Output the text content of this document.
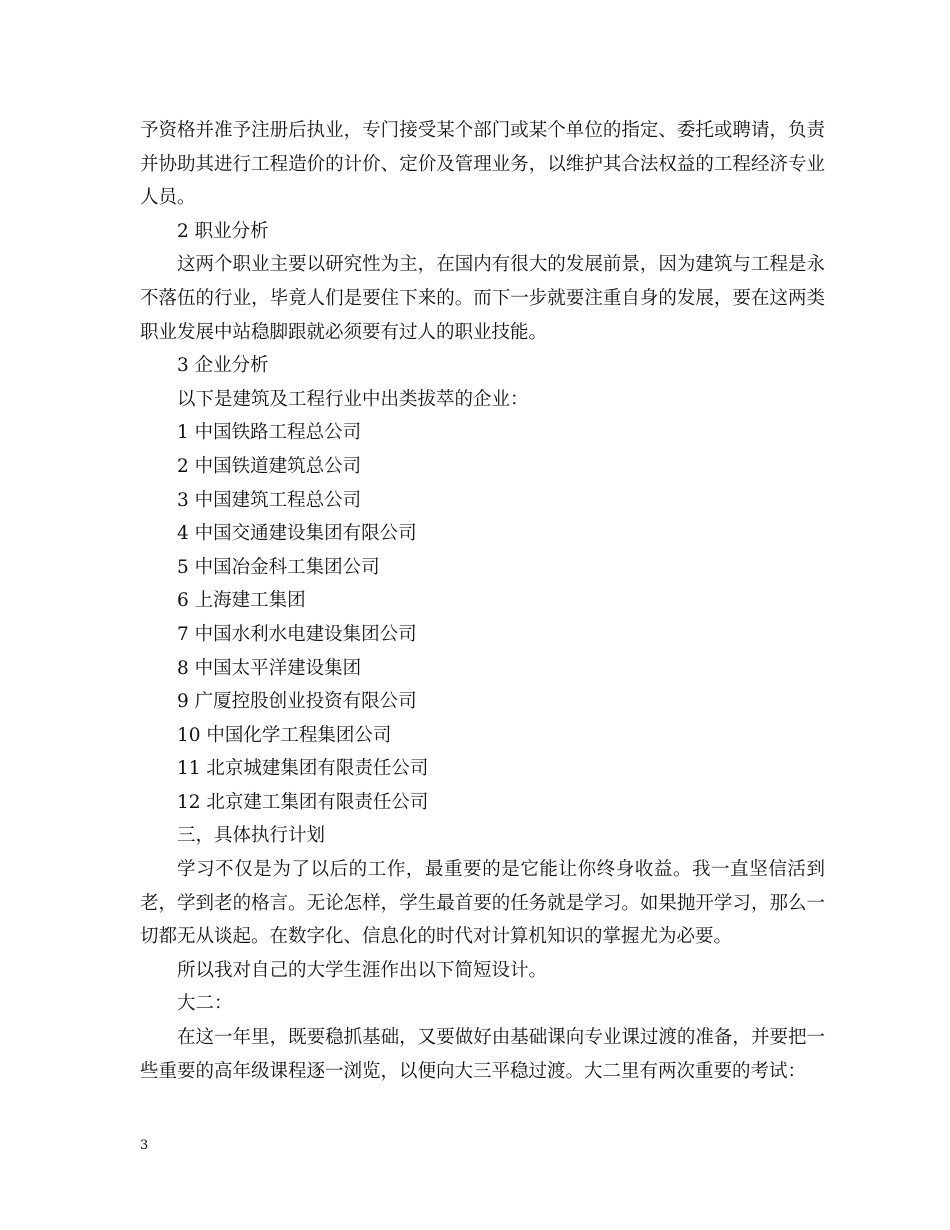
予资格并准予注册后执业，专门接受某个部门或某个单位的指定、委托或聘请，负责并协助其进行工程造价的计价、定价及管理业务，以维护其合法权益的工程经济专业人员。

2 职业分析

这两个职业主要以研究性为主，在国内有很大的发展前景，因为建筑与工程是永不落伍的行业，毕竟人们是要住下来的。而下一步就要注重自身的发展，要在这两类职业发展中站稳脚跟就必须要有过人的职业技能。

3 企业分析

以下是建筑及工程行业中出类拔萃的企业：

1 中国铁路工程总公司

2 中国铁道建筑总公司

3 中国建筑工程总公司

4 中国交通建设集团有限公司

5 中国冶金科工集团公司

6 上海建工集团

7 中国水利水电建设集团公司

8 中国太平洋建设集团

9 广厦控股创业投资有限公司

10 中国化学工程集团公司

11 北京城建集团有限责任公司

12 北京建工集团有限责任公司

三，具体执行计划

学习不仅是为了以后的工作，最重要的是它能让你终身收益。我一直坚信活到老，学到老的格言。无论怎样，学生最首要的任务就是学习。如果抛开学习，那么一切都无从谈起。在数字化、信息化的时代对计算机知识的掌握尤为必要。

所以我对自己的大学生涯作出以下简短设计。

大二：

在这一年里，既要稳抓基础，又要做好由基础课向专业课过渡的准备，并要把一些重要的高年级课程逐一浏览，以便向大三平稳过渡。大二里有两次重要的考试：

3
